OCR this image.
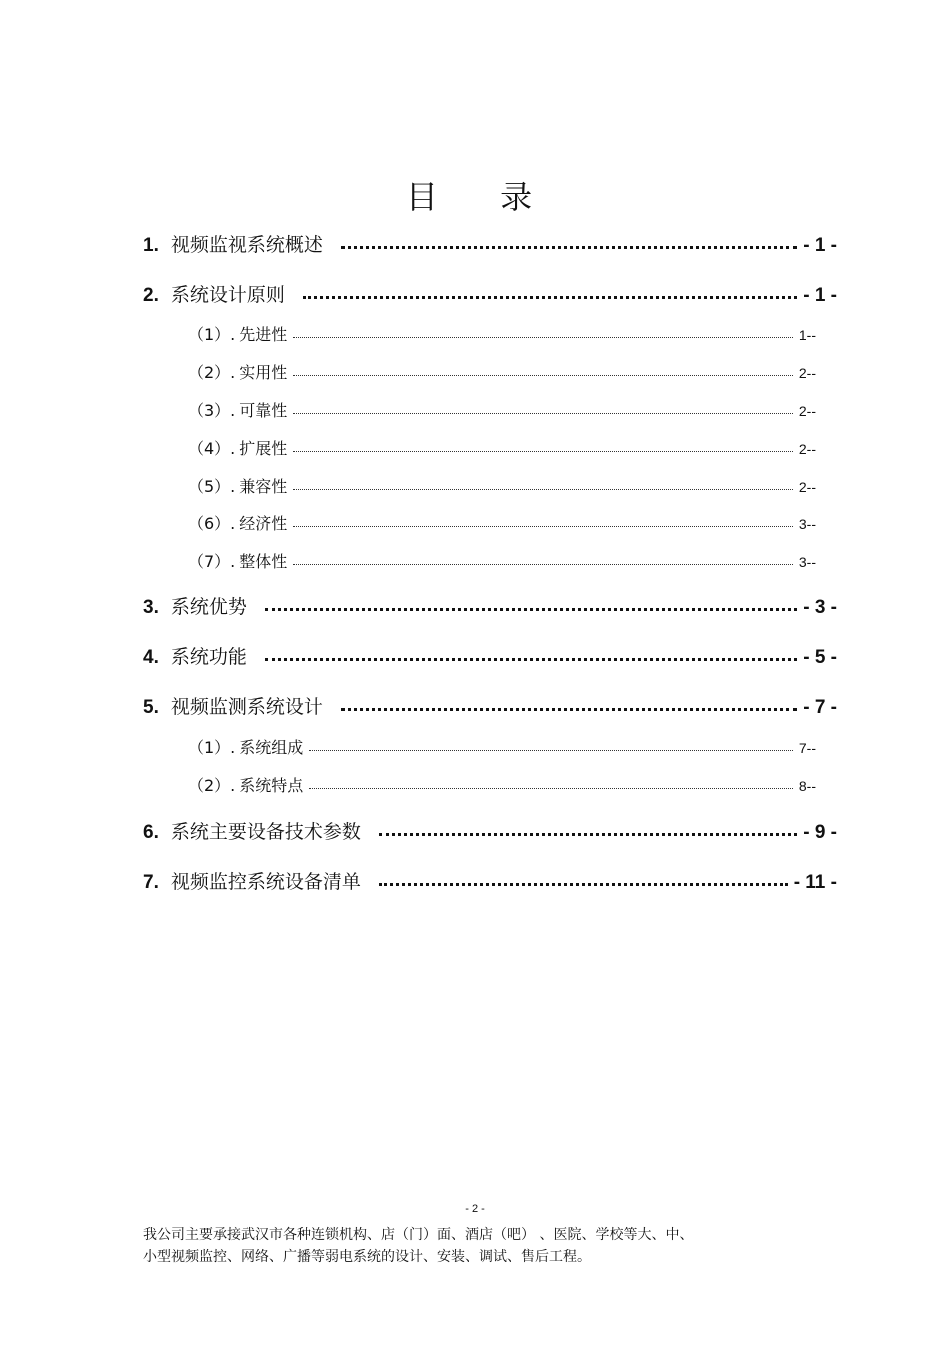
目 录
1. 视频监视系统概述	- 1 -
2. 系统设计原则	- 1 -
（1）. 先进性	1--
（2）. 实用性	2--
（3）. 可靠性	2--
（4）. 扩展性	2--
（5）. 兼容性	2--
（6）. 经济性	3--
（7）. 整体性	3--
3. 系统优势	- 3 -
4. 系统功能	- 5 -
5. 视频监测系统设计	- 7 -
（1）. 系统组成	7--
（2）. 系统特点	8--
6. 系统主要设备技术参数	- 9 -
7. 视频监控系统设备清单	- 11 -
- 2 -
我公司主要承接武汉市各种连锁机构、店（门）面、酒店（吧） 、医院、学校等大、中、
小型视频监控、网络、广播等弱电系统的设计、安装、调试、售后工程。
